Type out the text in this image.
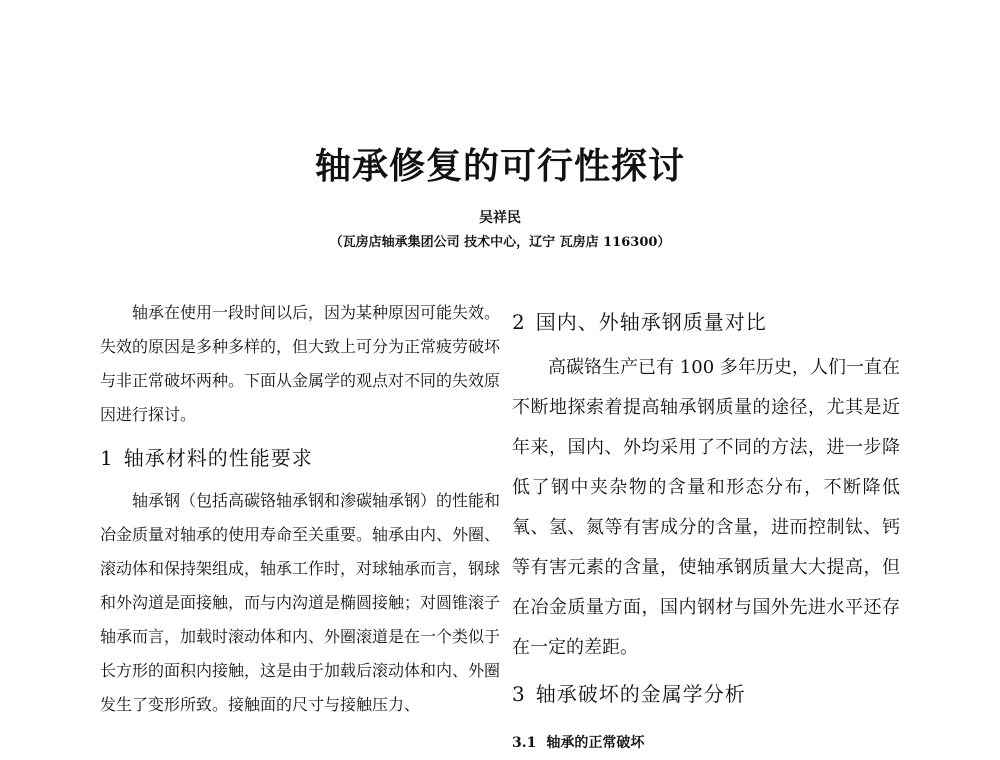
轴承修复的可行性探讨
吴祥民
（瓦房店轴承集团公司 技术中心，辽宁 瓦房店 116300）

轴承在使用一段时间以后，因为某种原因可能失效。失效的原因是多种多样的，但大致上可分为正常疲劳破坏与非正常破坏两种。下面从金属学的观点对不同的失效原因进行探讨。

1 轴承材料的性能要求

轴承钢（包括高碳铬轴承钢和渗碳轴承钢）的性能和冶金质量对轴承的使用寿命至关重要。轴承由内、外圈、滚动体和保持架组成，轴承工作时，对球轴承而言，钢球和外沟道是面接触，而与内沟道是椭圆接触；对圆锥滚子轴承而言，加载时滚动体和内、外圈滚道是在一个类似于长方形的面积内接触，这是由于加载后滚动体和内、外圈发生了变形所致。接触面的尺寸与接触压力、

2 国内、外轴承钢质量对比

高碳铬生产已有 100 多年历史，人们一直在不断地探索着提高轴承钢质量的途径，尤其是近年来，国内、外均采用了不同的方法，进一步降低了钢中夹杂物的含量和形态分布，不断降低氧、氢、氮等有害成分的含量，进而控制钛、钙等有害元素的含量，使轴承钢质量大大提高，但在冶金质量方面，国内钢材与国外先进水平还存在一定的差距。

3 轴承破坏的金属学分析
3.1 轴承的正常破坏
